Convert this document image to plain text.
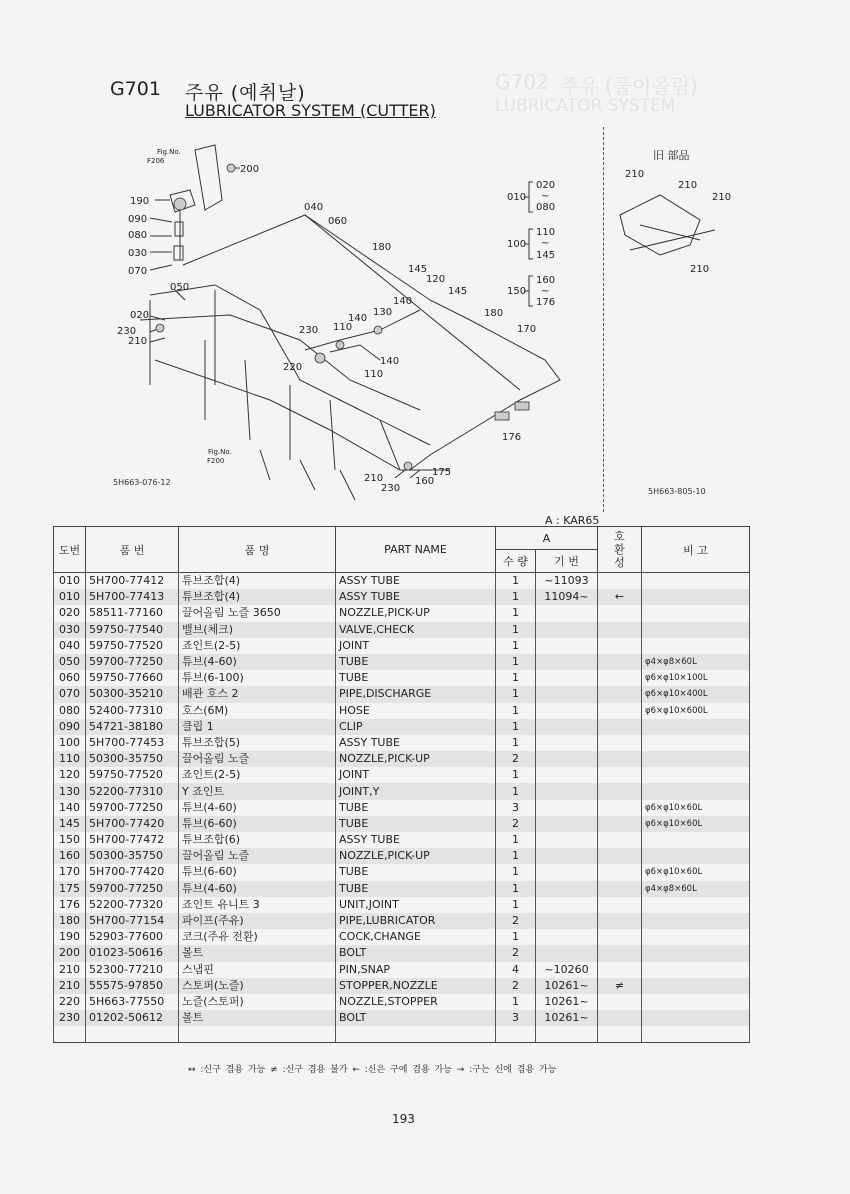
G702 주유 (풀이올림)
LUBRICATOR SYSTEM
G701 주유 (예취날)
LUBRICATOR SYSTEM (CUTTER)
旧 部品
5H663-076-12
5H663-805-10
Fig.No.
F206
200
190
090
080
030
070
040
060
180
145
120
145
140
130
140
110
230
220
140
110
050
020
230
210
180
170
176
175
210	160
230
Fig.No.
F200
010
020
~
080
100
110
~
145
150
160
~
176
210
210
210
210
A : KAR65
도번	품 번	품 명	PART NAME	A		호
환
성	비 고
				수 량	기 번		
010	5H700-77412	튜브조합(4)	ASSY TUBE	1	~11093		
010	5H700-77413	튜브조합(4)	ASSY TUBE	1	11094~	←	
020	58511-77160	끌어올림 노즐 3650	NOZZLE,PICK-UP	1			
030	59750-77540	밸브(체크)	VALVE,CHECK	1			
040	59750-77520	죠인트(2-5)	JOINT	1			
050	59700-77250	튜브(4-60)	TUBE	1			φ4×φ8×60L
060	59750-77660	튜브(6-100)	TUBE	1			φ6×φ10×100L
070	50300-35210	배관 호스 2	PIPE,DISCHARGE	1			φ6×φ10×400L
080	52400-77310	호스(6M)	HOSE	1			φ6×φ10×600L
090	54721-38180	클립 1	CLIP	1			
100	5H700-77453	튜브조합(5)	ASSY TUBE	1			
110	50300-35750	끌어올림 노즐	NOZZLE,PICK-UP	2			
120	59750-77520	죠인트(2-5)	JOINT	1			
130	52200-77310	Y 죠인트	JOINT,Y	1			
140	59700-77250	튜브(4-60)	TUBE	3			φ6×φ10×60L
145	5H700-77420	튜브(6-60)	TUBE	2			φ6×φ10×60L
150	5H700-77472	튜브조합(6)	ASSY TUBE	1			
160	50300-35750	끌어올림 노즐	NOZZLE,PICK-UP	1			
170	5H700-77420	튜브(6-60)	TUBE	1			φ6×φ10×60L
175	59700-77250	튜브(4-60)	TUBE	1			φ4×φ8×60L
176	52200-77320	죠인트 유니트 3	UNIT,JOINT	1			
180	5H700-77154	파이프(주유)	PIPE,LUBRICATOR	2			
190	52903-77600	코크(주유 전환)	COCK,CHANGE	1			
200	01023-50616	볼트	BOLT	2			
210	52300-77210	스냅핀	PIN,SNAP	4	~10260		
210	55575-97850	스토퍼(노즐)	STOPPER,NOZZLE	2	10261~	≠	
220	5H663-77550	노즐(스토퍼)	NOZZLE,STOPPER	1	10261~		
230	01202-50612	볼트	BOLT	3	10261~		

↔ :신구 겸용 가능 ≠ :신구 겸용 불가 ← :신은 구에 겸용 가능 → :구는 신에 겸용 가능
193
